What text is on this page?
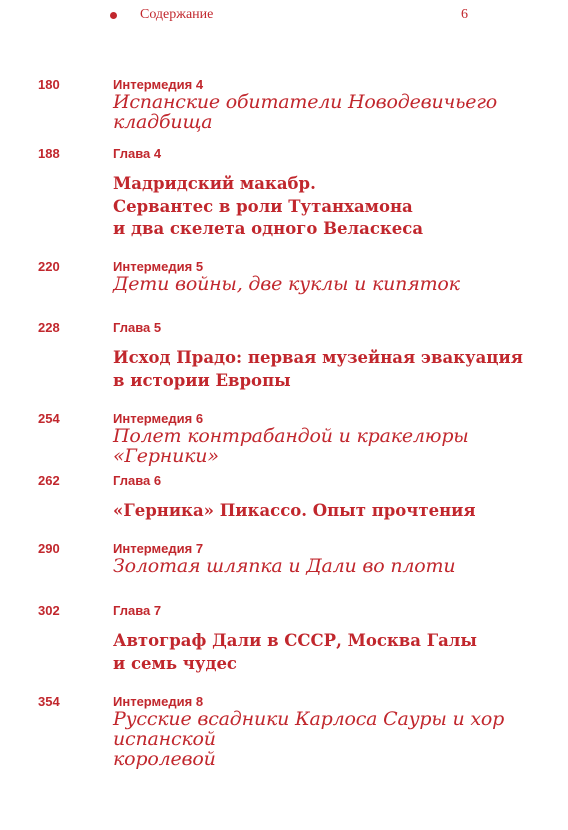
Содержание	6
180	Интермедия 4
Испанские обитатели Новодевичьего кладбища
188	Глава 4
Мадридский макабр.
Сервантес в роли Тутанхамона
и два скелета одного Веласкеса
220	Интермедия 5
Дети войны, две куклы и кипяток
228	Глава 5
Исход Прадо: первая музейная эвакуация
в истории Европы
254	Интермедия 6
Полет контрабандой и кракелюры «Герники»
262	Глава 6
«Герника» Пикассо. Опыт прочтения
290	Интермедия 7
Золотая шляпка и Дали во плоти
302	Глава 7
Автограф Дали в СССР, Москва Галы
и семь чудес
354	Интермедия 8
Русские всадники Карлоса Сауры и хор испанской
королевой
